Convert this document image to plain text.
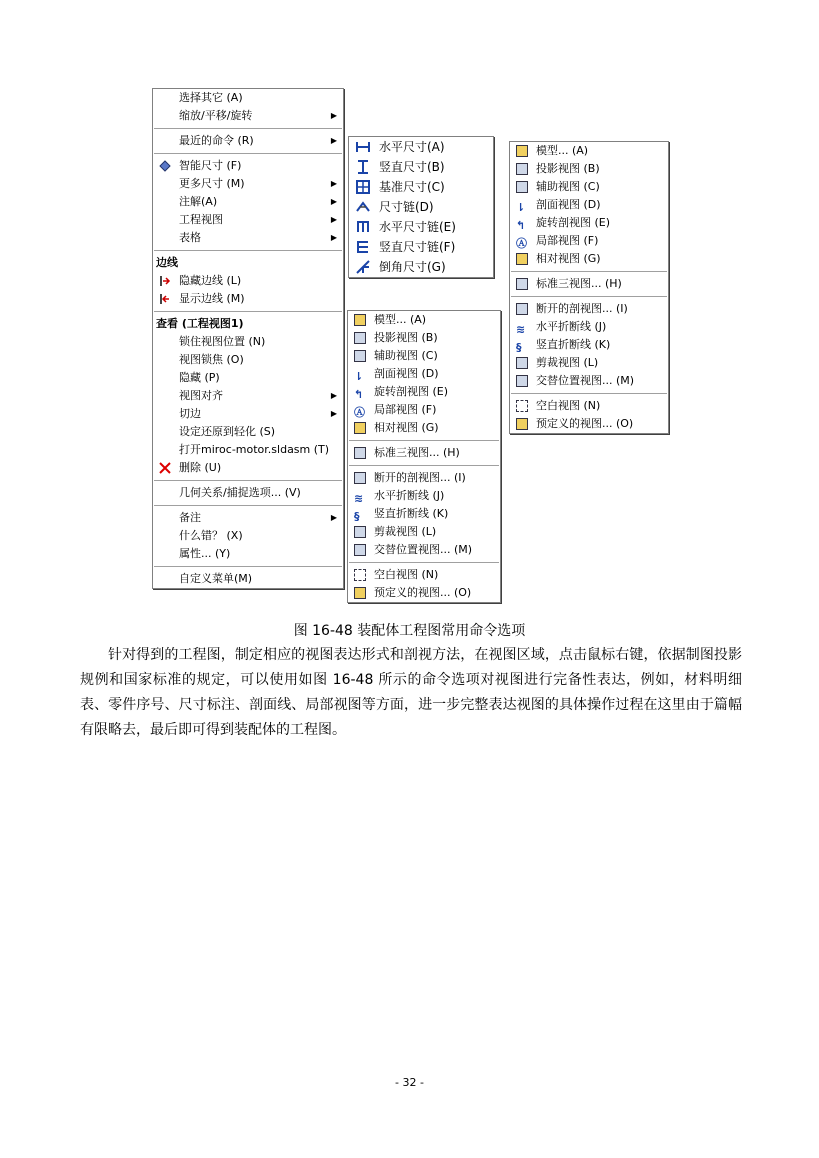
选择其它 (A)
缩放/平移/旋转	▶
最近的命令 (R)	▶
智能尺寸 (F)
更多尺寸 (M)	▶
注解(A)	▶
工程视图	▶
表格	▶
边线
隐藏边线 (L)
显示边线 (M)
查看 (工程视图1)
锁住视图位置 (N)
视图锁焦 (O)
隐藏 (P)
视图对齐	▶
切边	▶
设定还原到轻化 (S)
打开miroc-motor.sldasm (T)
删除 (U)
几何关系/捕捉选项... (V)
备注	▶
什么错？ (X)
属性... (Y)
自定义菜单(M)
水平尺寸(A)
竖直尺寸(B)
基准尺寸(C)
尺寸链(D)
水平尺寸链(E)
竖直尺寸链(F)
倒角尺寸(G)
模型... (A)
投影视图 (B)
辅助视图 (C)
⇂ 剖面视图 (D)
↰ 旋转剖视图 (E)
Ⓐ 局部视图 (F)
相对视图 (G)
标准三视图... (H)
断开的剖视图... (I)
≋ 水平折断线 (J)
§	竖直折断线 (K)
剪裁视图 (L)
交替位置视图... (M)
空白视图 (N)
预定义的视图... (O)
模型... (A)
投影视图 (B)
辅助视图 (C)
⇂ 剖面视图 (D)
↰ 旋转剖视图 (E)
Ⓐ 局部视图 (F)
相对视图 (G)
标准三视图... (H)
断开的剖视图... (I)
≋ 水平折断线 (J)
§	竖直折断线 (K)
剪裁视图 (L)
交替位置视图... (M)
空白视图 (N)
预定义的视图... (O)
图 16-48 装配体工程图常用命令选项
针对得到的工程图，制定相应的视图表达形式和剖视方法，在视图区域，点击鼠标右键，依据制图投影规例和国家标准的规定，可以使用如图 16-48 所示的命令选项对视图进行完备性表达，例如，材料明细表、零件序号、尺寸标注、剖面线、局部视图等方面，进一步完整表达视图的具体操作过程在这里由于篇幅有限略去，最后即可得到装配体的工程图。
- 32 -
